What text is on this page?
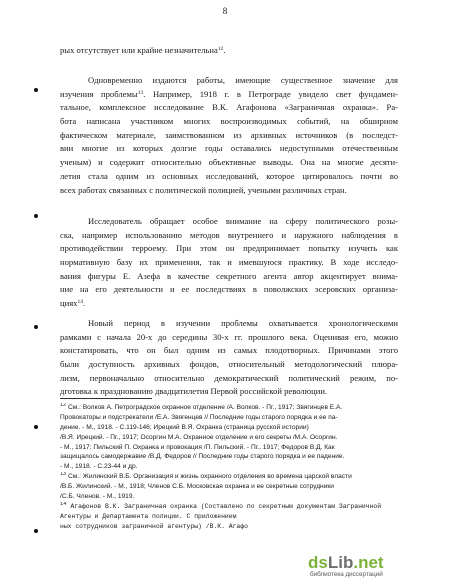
8
рых отсутствует или крайне незначительна$^{12}$.
Одновременно издаются работы, имеющие существенное значение для
изучения проблемы$^{13}$. Например, 1918 г. в Петрограде увидело свет фундамен-
тальное, комплексное исследование В.К. Агафонова «Заграничная охранка». Ра-
бота написана участником многих воспроизводимых событий, на обширном
фактическом материале, заимствованном из архивных источников (в последст-
вии многие из которых долгие годы оставались недоступными отечественным
ученым) и содержит относительно объективные выводы. Она на многие десяти-
летия стала одним из основных исследований, которое цитировалось почти во
всех работах связанных с политической полицией, учеными различных стран.
Исследователь обращает особое внимание на сферу политического розы-
ска, например использованию методов внутреннего и наружного наблюдения в
противодействии терроему. При этом он предпринимает попытку изучить как
нормативную базу их применения, так и имевшуюся практику. В ходе исследо-
вания фигуры Е. Азефа в качестве секретного агента автор акцентирует внима-
ние на его деятельности и ее последствиях в поволжских эсеровских организа-
циях$^{14}$.
Новый период в изучении проблемы охватывается хронологическими
рамками с начала 20-х до середины 30-х гг. прошлого века. Оценивая его, можно
констатировать, что он был одним из самых плодотворных. Причинами этого
были доступность архивных фондов, относительный методологический плюра-
лизм, первоначально относительно демократический политический режим, по-
дготовка к празднованию двадцатилетия Первой российской революции.
$^{12}$ См.: Волков А. Петроградское охранное отделение /А. Волков. - Пг., 1917; Звягинцев Е.А.
Провокаторы и подстрекатели /Е.А. Звягенцев // Последние годы старого порядка и ее па-
дение. - М., 1918. - С.119-146; Ирецкий В.Я. Охранка (страница русской истории)
/В.Я. Ирецкий. - Пг., 1917; Осоргин М.А. Охранное отделение и его секреты /М.А. Осоргин.
- М., 1917; Пильский П. Охранка и провокация /П. Пильский. - Пг., 1917; Федоров В.Д. Как
защищалось самодержавие /В.Д. Федоров // Последние годы старого порядка и ее падение.
- М., 1918. - С.23-44 и др.
$^{13}$ См.: Жилинский В.Б. Организация и жизнь охранного отделения во времена царской власти
/В.Б. Жилинский. - М., 1918; Членов С.Б. Московская охранка и ее секретные сотрудники
/С.Б. Членов. - М., 1919.
$^{14}$ Агафонов В.К. Заграничная охранка (Составлено по секретным документам Заграничной
Агентуры и Департамента полиции. С приложением
ных сотрудников заграничной агентуры) /В.К. Агафо
dsLib.net
библиотека диссертаций
